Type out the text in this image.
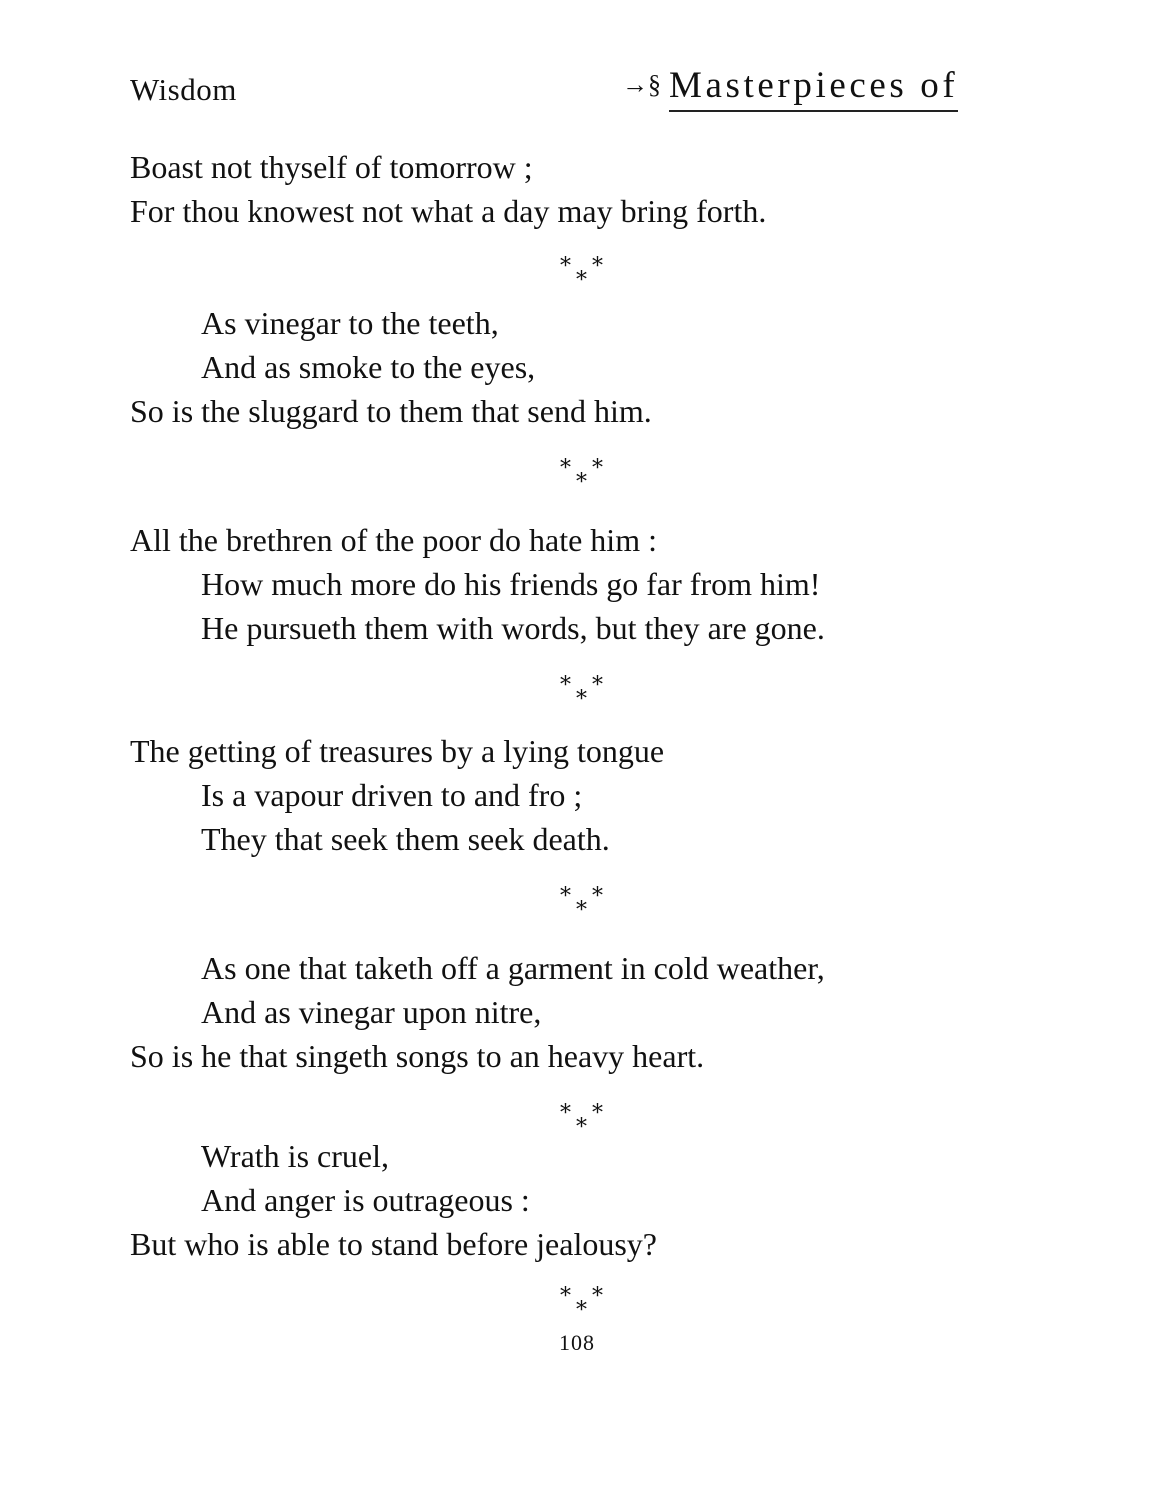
Wisdom	→§ Masterpieces of
Boast not thyself of tomorrow ;
For thou knowest not what a day may bring forth.
* *
*
As vinegar to the teeth,
And as smoke to the eyes,
So is the sluggard to them that send him.
* *
*
All the brethren of the poor do hate him :
How much more do his friends go far from him!
He pursueth them with words, but they are gone.
* *
*
The getting of treasures by a lying tongue
Is a vapour driven to and fro ;
They that seek them seek death.
* *
*
As one that taketh off a garment in cold weather,
And as vinegar upon nitre,
So is he that singeth songs to an heavy heart.
* *
*
Wrath is cruel,
And anger is outrageous :
But who is able to stand before jealousy?
* *
*
108
